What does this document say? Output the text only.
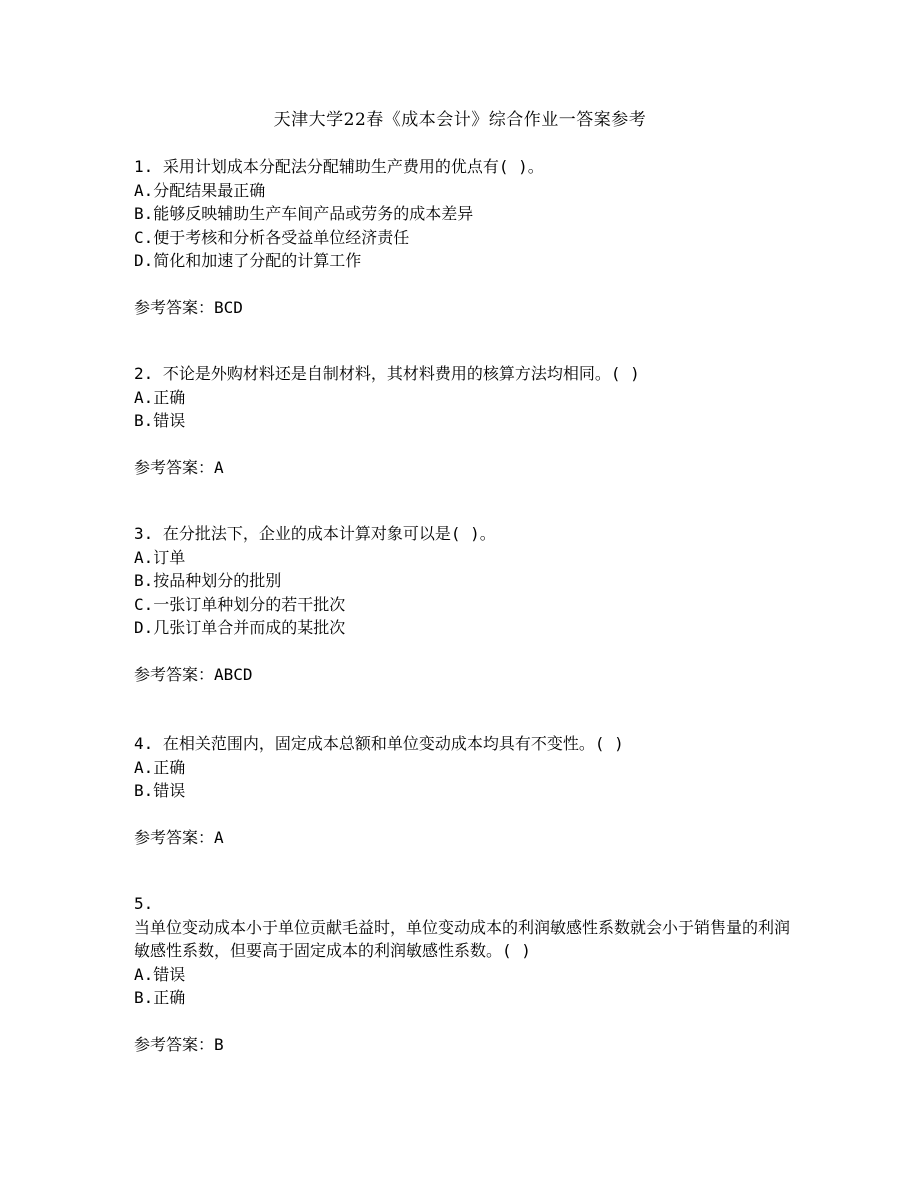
天津大学22春《成本会计》综合作业一答案参考
1. 采用计划成本分配法分配辅助生产费用的优点有( )。
A.分配结果最正确
B.能够反映辅助生产车间产品或劳务的成本差异
C.便于考核和分析各受益单位经济责任
D.简化和加速了分配的计算工作
参考答案：BCD
2. 不论是外购材料还是自制材料，其材料费用的核算方法均相同。( )
A.正确
B.错误
参考答案：A
3. 在分批法下，企业的成本计算对象可以是( )。
A.订单
B.按品种划分的批别
C.一张订单种划分的若干批次
D.几张订单合并而成的某批次
参考答案：ABCD
4. 在相关范围内，固定成本总额和单位变动成本均具有不变性。( )
A.正确
B.错误
参考答案：A
5.
当单位变动成本小于单位贡献毛益时，单位变动成本的利润敏感性系数就会小于销售量的利润敏感性系数，但要高于固定成本的利润敏感性系数。( )
A.错误
B.正确
参考答案：B
